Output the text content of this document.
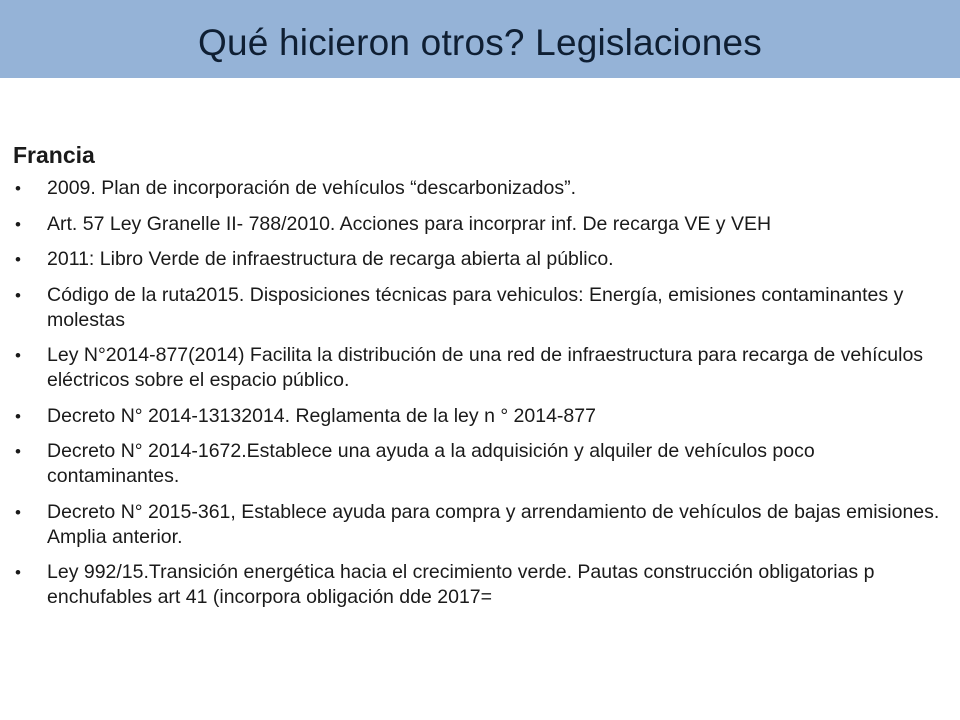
Qué hicieron otros? Legislaciones
Francia
• 2009. Plan de incorporación de vehículos “descarbonizados”.
• Art. 57 Ley Granelle II- 788/2010. Acciones para incorprar inf. De recarga VE y VEH
• 2011: Libro Verde de infraestructura de recarga abierta al público.
• Código de la ruta2015. Disposiciones técnicas para vehiculos: Energía, emisiones contaminantes y molestas
• Ley N°2014-877(2014) Facilita la distribución de una red de infraestructura para recarga de vehículos eléctricos sobre el espacio público.
• Decreto N° 2014-13132014. Reglamenta de la ley n ° 2014-877
• Decreto N° 2014-1672.Establece una ayuda a la adquisición y alquiler de vehículos poco contaminantes.
• Decreto N° 2015-361, Establece ayuda para compra y arrendamiento de vehículos de bajas emisiones. Amplia anterior.
• Ley 992/15.Transición energética hacia el crecimiento verde. Pautas construcción obligatorias p enchufables art 41 (incorpora obligación dde 2017=
